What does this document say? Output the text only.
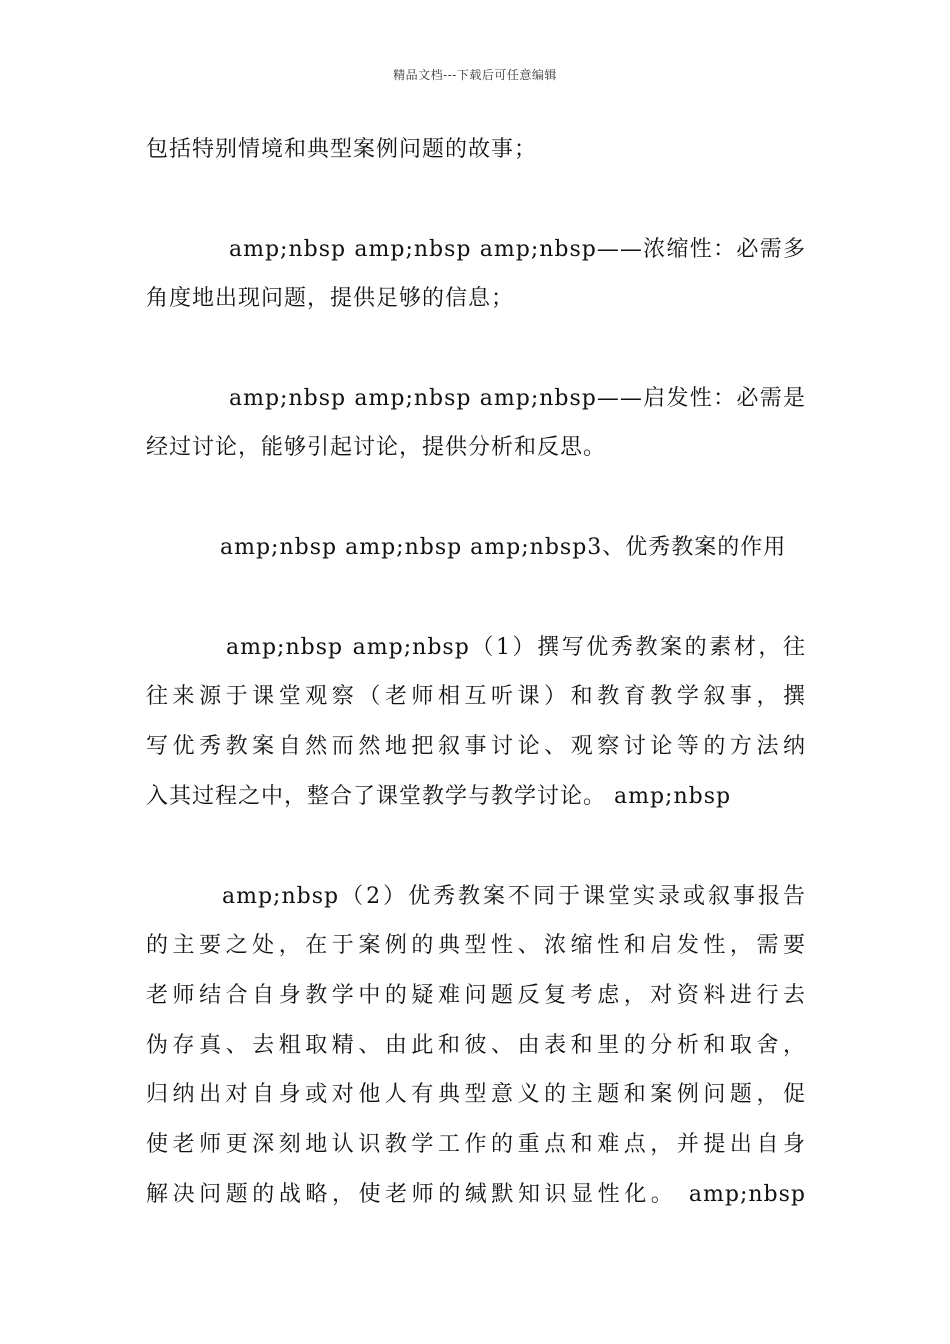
精品文档---下载后可任意编辑
包括特别情境和典型案例问题的故事；
amp;nbsp amp;nbsp amp;nbsp——浓缩性：必需多
角度地出现问题，提供足够的信息；
amp;nbsp amp;nbsp amp;nbsp——启发性：必需是
经过讨论，能够引起讨论，提供分析和反思。
amp;nbsp amp;nbsp amp;nbsp3、优秀教案的作用
amp;nbsp amp;nbsp（1）撰写优秀教案的素材，往
往来源于课堂观察（老师相互听课）和教育教学叙事，撰
写优秀教案自然而然地把叙事讨论、观察讨论等的方法纳
入其过程之中，整合了课堂教学与教学讨论。 amp;nbsp
amp;nbsp（2）优秀教案不同于课堂实录或叙事报告
的主要之处，在于案例的典型性、浓缩性和启发性，需要
老师结合自身教学中的疑难问题反复考虑，对资料进行去
伪存真、去粗取精、由此和彼、由表和里的分析和取舍，
归纳出对自身或对他人有典型意义的主题和案例问题，促
使老师更深刻地认识教学工作的重点和难点，并提出自身
解决问题的战略，使老师的缄默知识显性化。 amp;nbsp
